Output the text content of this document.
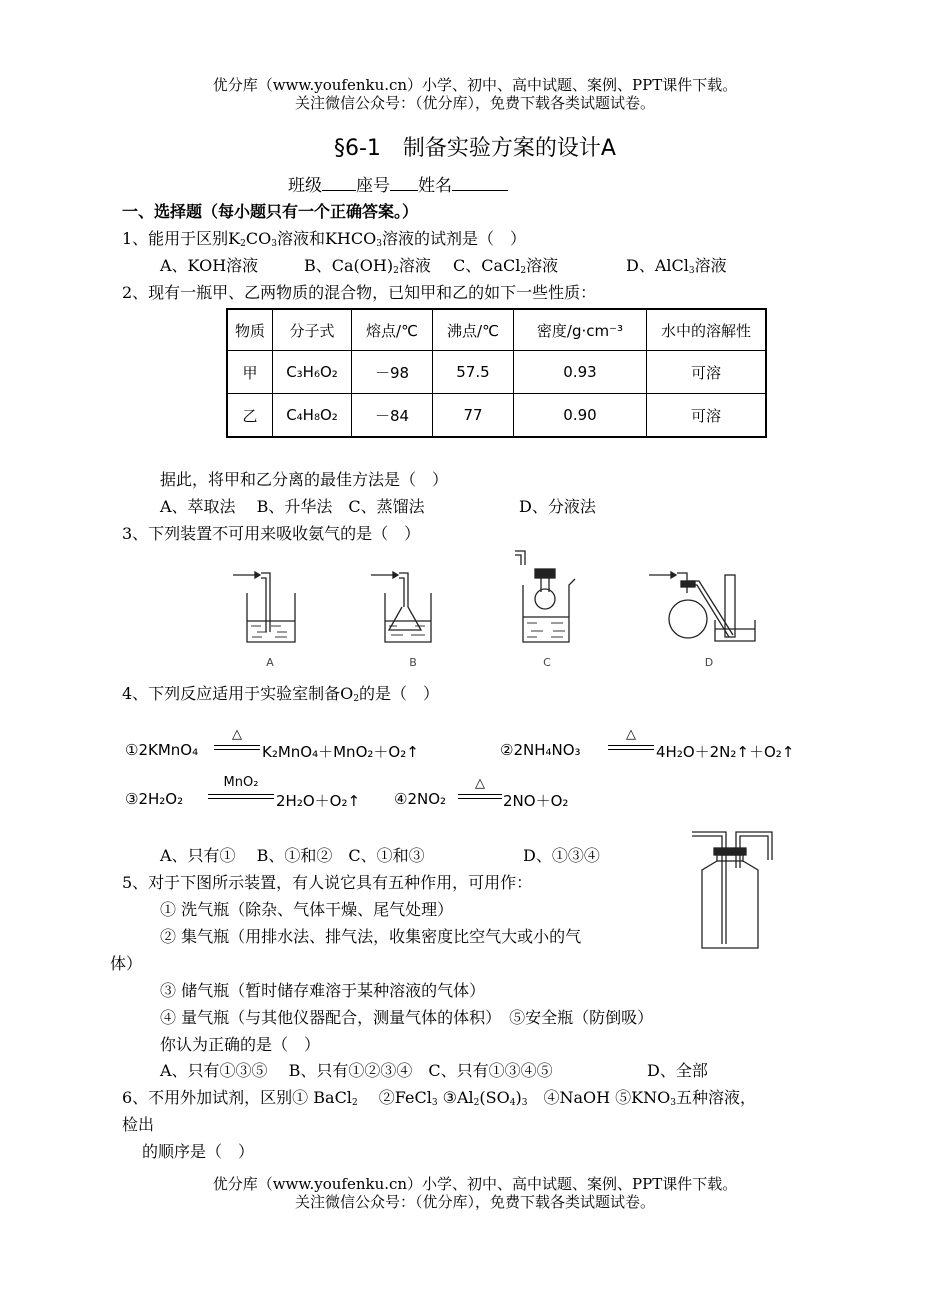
优分库（www.youfenku.cn）小学、初中、高中试题、案例、PPT课件下载。
关注微信公众号：（优分库），免费下载各类试题试卷。
§6-1　制备实验方案的设计A
班级 座号 姓名
一、选择题（每小题只有一个正确答案。）
1、能用于区别$K_2CO_3$溶液和$KHCO_3$溶液的试剂是（　）
A、KOH溶液	B、$Ca(OH)_2$溶液 C、CaCl$_2$溶液	D、AlCl$_3$溶液
2、现有一瓶甲、乙两物质的混合物，已知甲和乙的如下一些性质：
物质	分子式	熔点/℃	沸点/℃	密度/g·cm⁻³	水中的溶解性
甲	C₃H₆O₂	－98	57.5	0.93	可溶
乙	C₄H₈O₂	－84	77	0.90	可溶
据此，将甲和乙分离的最佳方法是（　）
A、萃取法　 B、升华法　C、蒸馏法	D、分液法
3、下列装置不可用来吸收氨气的是（　）
A	B	C	D
4、下列反应适用于实验室制备$O_2$的是（　）
①2KMnO₄
△
K₂MnO₄＋MnO₂＋O₂↑	②2NH₄NO₃
△
4H₂O＋2N₂↑＋O₂↑
③2H₂O₂
MnO₂
2H₂O＋O₂↑ ④2NO₂
△
2NO＋O₂
A、只有①　 B、①和②　C、①和③	D、①③④
5、对于下图所示装置，有人说它具有五种作用，可用作：
① 洗气瓶（除杂、气体干燥、尾气处理）
② 集气瓶（用排水法、排气法，收集密度比空气大或小的气
体）
③ 储气瓶（暂时储存难溶于某种溶液的气体）
④ 量气瓶（与其他仪器配合，测量气体的体积）　⑤安全瓶（防倒吸）
你认为正确的是（　）
A、只有①③⑤　 B、只有①②③④　C、只有①③④⑤	D、全部
6、不用外加试剂，区别① BaCl$_2$　 ②FeCl$_3$ $③Al_2(SO_4)_3$　 ④NaOH $⑤KNO_3$五种溶液，
检出
的顺序是（　）
优分库（www.youfenku.cn）小学、初中、高中试题、案例、PPT课件下载。
关注微信公众号：（优分库），免费下载各类试题试卷。
